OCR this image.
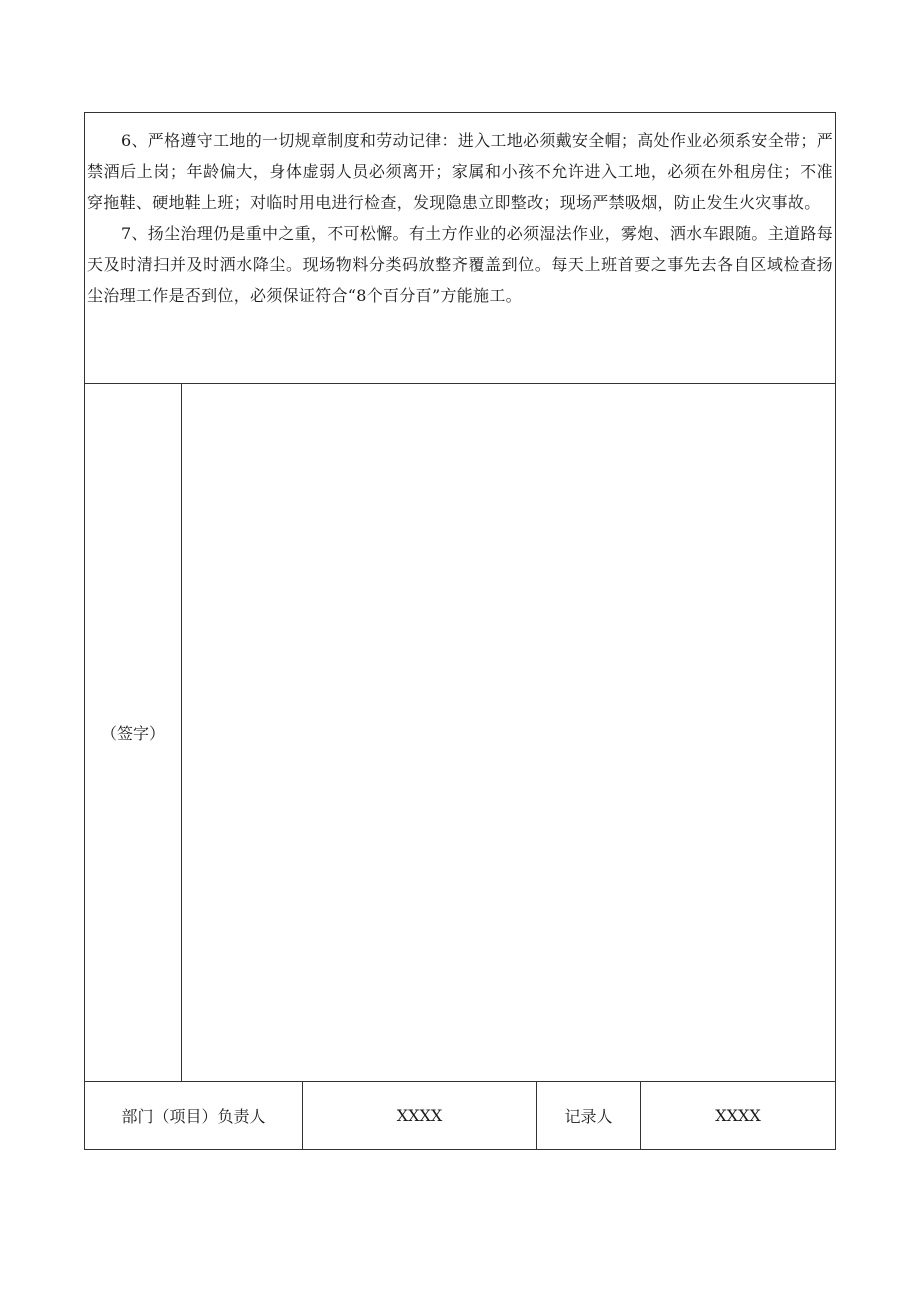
6、严格遵守工地的一切规章制度和劳动记律：进入工地必须戴安全帽；高处作业必须系安全带；严禁酒后上岗；年龄偏大，身体虚弱人员必须离开；家属和小孩不允许进入工地，必须在外租房住；不准穿拖鞋、硬地鞋上班；对临时用电进行检查，发现隐患立即整改；现场严禁吸烟，防止发生火灾事故。

7、扬尘治理仍是重中之重，不可松懈。有土方作业的必须湿法作业，雾炮、洒水车跟随。主道路每天及时清扫并及时洒水降尘。现场物料分类码放整齐覆盖到位。每天上班首要之事先去各自区域检查扬尘治理工作是否到位，必须保证符合“8个百分百”方能施工。

（签字）
部门（项目）负责人	XXXX	记录人	XXXX
